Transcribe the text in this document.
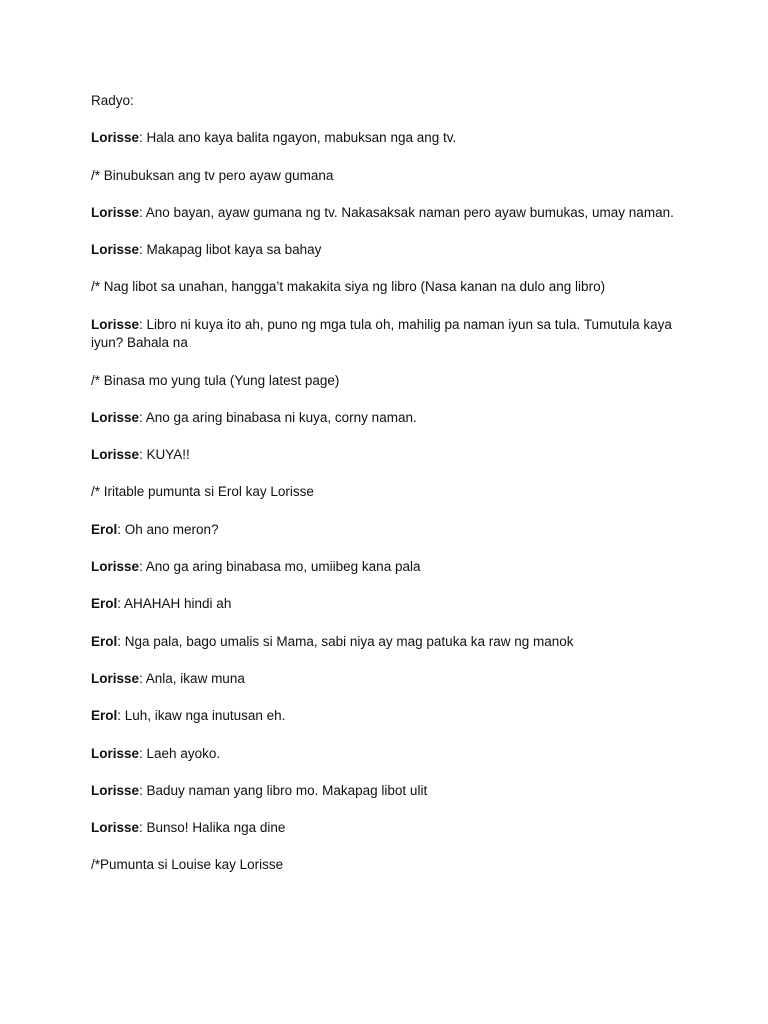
Radyo:

Lorisse: Hala ano kaya balita ngayon, mabuksan nga ang tv.

/* Binubuksan ang tv pero ayaw gumana

Lorisse: Ano bayan, ayaw gumana ng tv. Nakasaksak naman pero ayaw bumukas, umay naman.

Lorisse: Makapag libot kaya sa bahay

/* Nag libot sa unahan, hangga’t makakita siya ng libro (Nasa kanan na dulo ang libro)

Lorisse: Libro ni kuya ito ah, puno ng mga tula oh, mahilig pa naman iyun sa tula. Tumutula kaya iyun? Bahala na

/* Binasa mo yung tula (Yung latest page)

Lorisse: Ano ga aring binabasa ni kuya, corny naman.

Lorisse: KUYA!!

/* Iritable pumunta si Erol kay Lorisse

Erol: Oh ano meron?

Lorisse: Ano ga aring binabasa mo, umiibeg kana pala

Erol: AHAHAH hindi ah

Erol: Nga pala, bago umalis si Mama, sabi niya ay mag patuka ka raw ng manok

Lorisse: Anla, ikaw muna

Erol: Luh, ikaw nga inutusan eh.

Lorisse: Laeh ayoko.

Lorisse: Baduy naman yang libro mo. Makapag libot ulit

Lorisse: Bunso! Halika nga dine

/*Pumunta si Louise kay Lorisse
